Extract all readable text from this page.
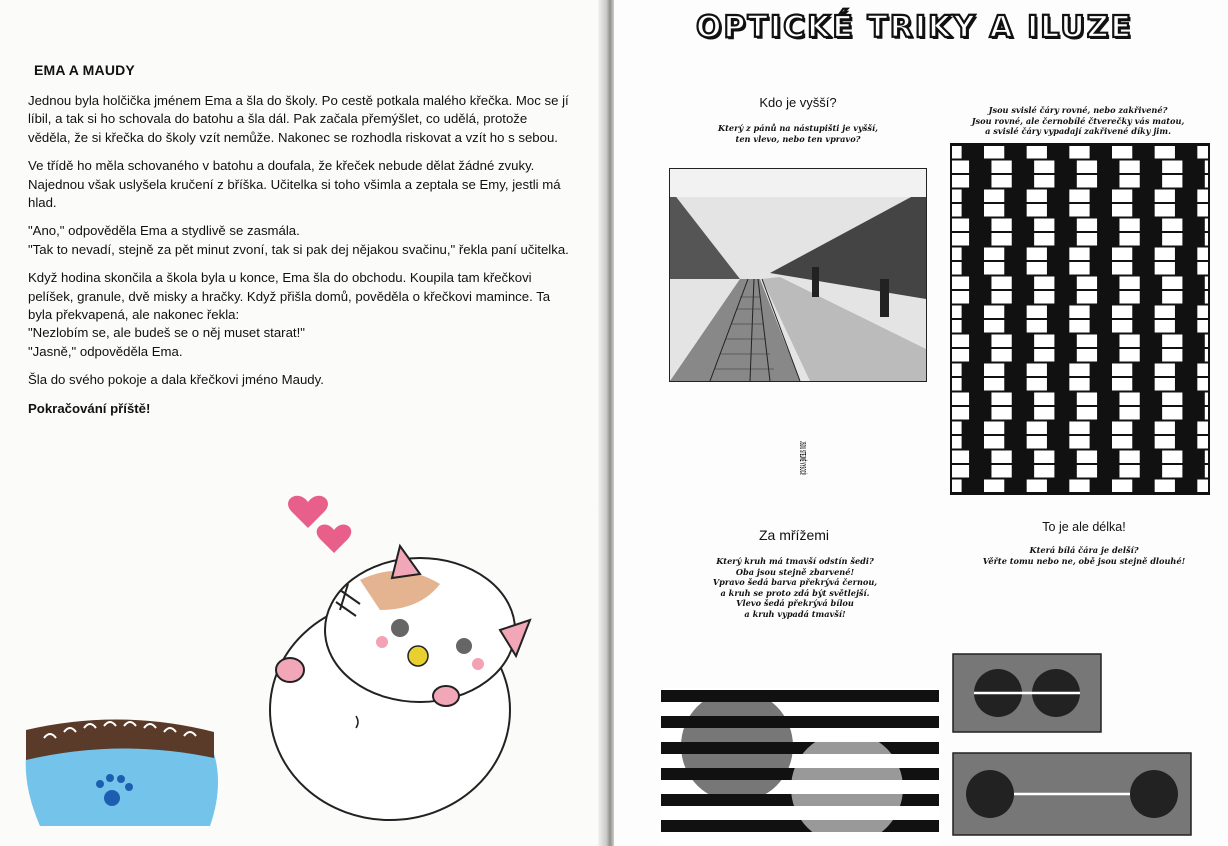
EMA A MAUDY

Jednou byla holčička jménem Ema a šla do školy. Po cestě potkala malého křečka. Moc se jí líbil, a tak si ho schovala do batohu a šla dál. Pak začala přemýšlet, co udělá, protože věděla, že si křečka do školy vzít nemůže. Nakonec se rozhodla riskovat a vzít ho s sebou.

Ve třídě ho měla schovaného v batohu a doufala, že křeček nebude dělat žádné zvuky. Najednou však uslyšela kručení z bříška. Učitelka si toho všimla a zeptala se Emy, jestli má hlad.

"Ano," odpověděla Ema a stydlivě se zasmála.

"Tak to nevadí, stejně za pět minut zvoní, tak si pak dej nějakou svačinu," řekla paní učitelka.

Když hodina skončila a škola byla u konce, Ema šla do obchodu. Koupila tam křečkovi pelíšek, granule, dvě misky a hračky. Když přišla domů, pověděla o křečkovi mamince. Ta byla překvapená, ale nakonec řekla:

"Nezlobím se, ale budeš se o něj muset starat!"

"Jasně," odpověděla Ema.

Šla do svého pokoje a dala křečkovi jméno Maudy.

Pokračování příště!

OPTICKÉ TRIKY A ILUZE
Kdo je vyšší?
Který z pánů na nástupišti je vyšší,
ten vlevo, nebo ten vpravo?
JSOU STEJNĚ VYSOCÍ!
Jsou svislé čáry rovné, nebo zakřivené?
Jsou rovné, ale černobílé čtverečky vás matou,
a svislé čáry vypadají zakřivené díky jim.
Za mřížemi
Který kruh má tmavší odstín šedi?
Oba jsou stejně zbarvené!
Vpravo šedá barva překrývá černou,
a kruh se proto zdá být světlejší.
Vlevo šedá překrývá bílou
a kruh vypadá tmavší!
To je ale délka!
Která bílá čára je delší?
Věřte tomu nebo ne, obě jsou stejně dlouhé!
